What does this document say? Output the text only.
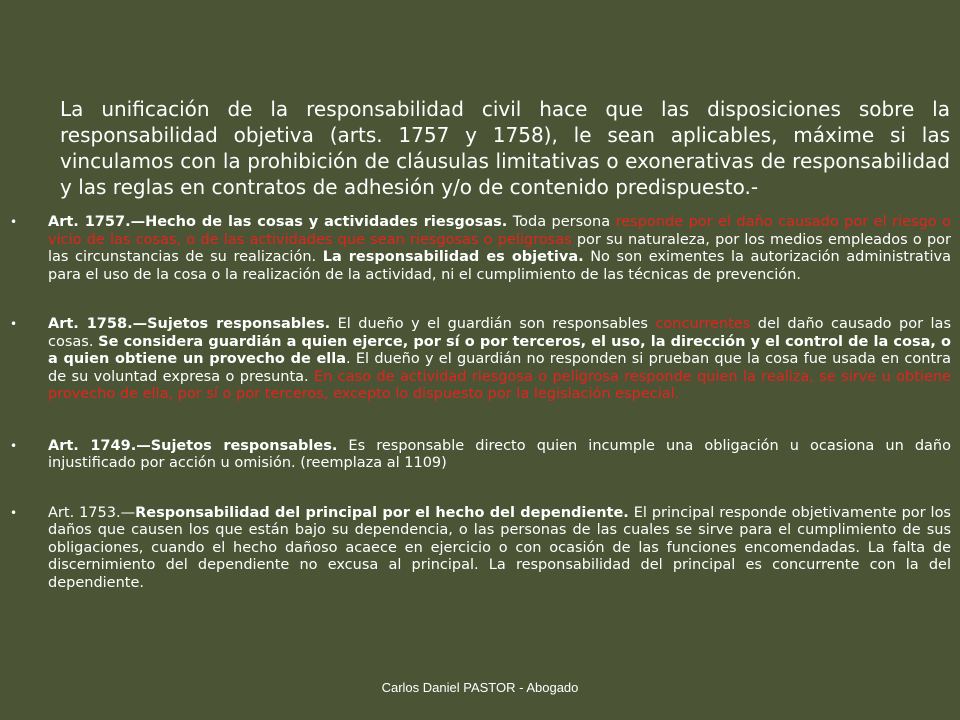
La unificación de la responsabilidad civil hace que las disposiciones sobre la responsabilidad objetiva (arts. 1757 y 1758), le sean aplicables, máxime si las vinculamos con la prohibición de cláusulas limitativas o exonerativas de responsabilidad y las reglas en contratos de adhesión y/o de contenido predispuesto.-

• Art. 1757.—Hecho de las cosas y actividades riesgosas. Toda persona responde por el daño causado por el riesgo o vicio de las cosas, o de las actividades que sean riesgosas o peligrosas por su naturaleza, por los medios empleados o por las circunstancias de su realización. La responsabilidad es objetiva. No son eximentes la autorización administrativa para el uso de la cosa o la realización de la actividad, ni el cumplimiento de las técnicas de prevención.
• Art. 1758.—Sujetos responsables. El dueño y el guardián son responsables concurrentes del daño causado por las cosas. Se considera guardián a quien ejerce, por sí o por terceros, el uso, la dirección y el control de la cosa, o a quien obtiene un provecho de ella. El dueño y el guardián no responden si prueban que la cosa fue usada en contra de su voluntad expresa o presunta. En caso de actividad riesgosa o peligrosa responde quien la realiza, se sirve u obtiene provecho de ella, por sí o por terceros, excepto lo dispuesto por la legislación especial.
• Art. 1749.—Sujetos responsables. Es responsable directo quien incumple una obligación u ocasiona un daño injustificado por acción u omisión. (reemplaza al 1109)
• Art. 1753.—Responsabilidad del principal por el hecho del dependiente. El principal responde objetivamente por los daños que causen los que están bajo su dependencia, o las personas de las cuales se sirve para el cumplimiento de sus obligaciones, cuando el hecho dañoso acaece en ejercicio o con ocasión de las funciones encomendadas. La falta de discernimiento del dependiente no excusa al principal. La responsabilidad del principal es concurrente con la del dependiente.
Carlos Daniel PASTOR - Abogado
